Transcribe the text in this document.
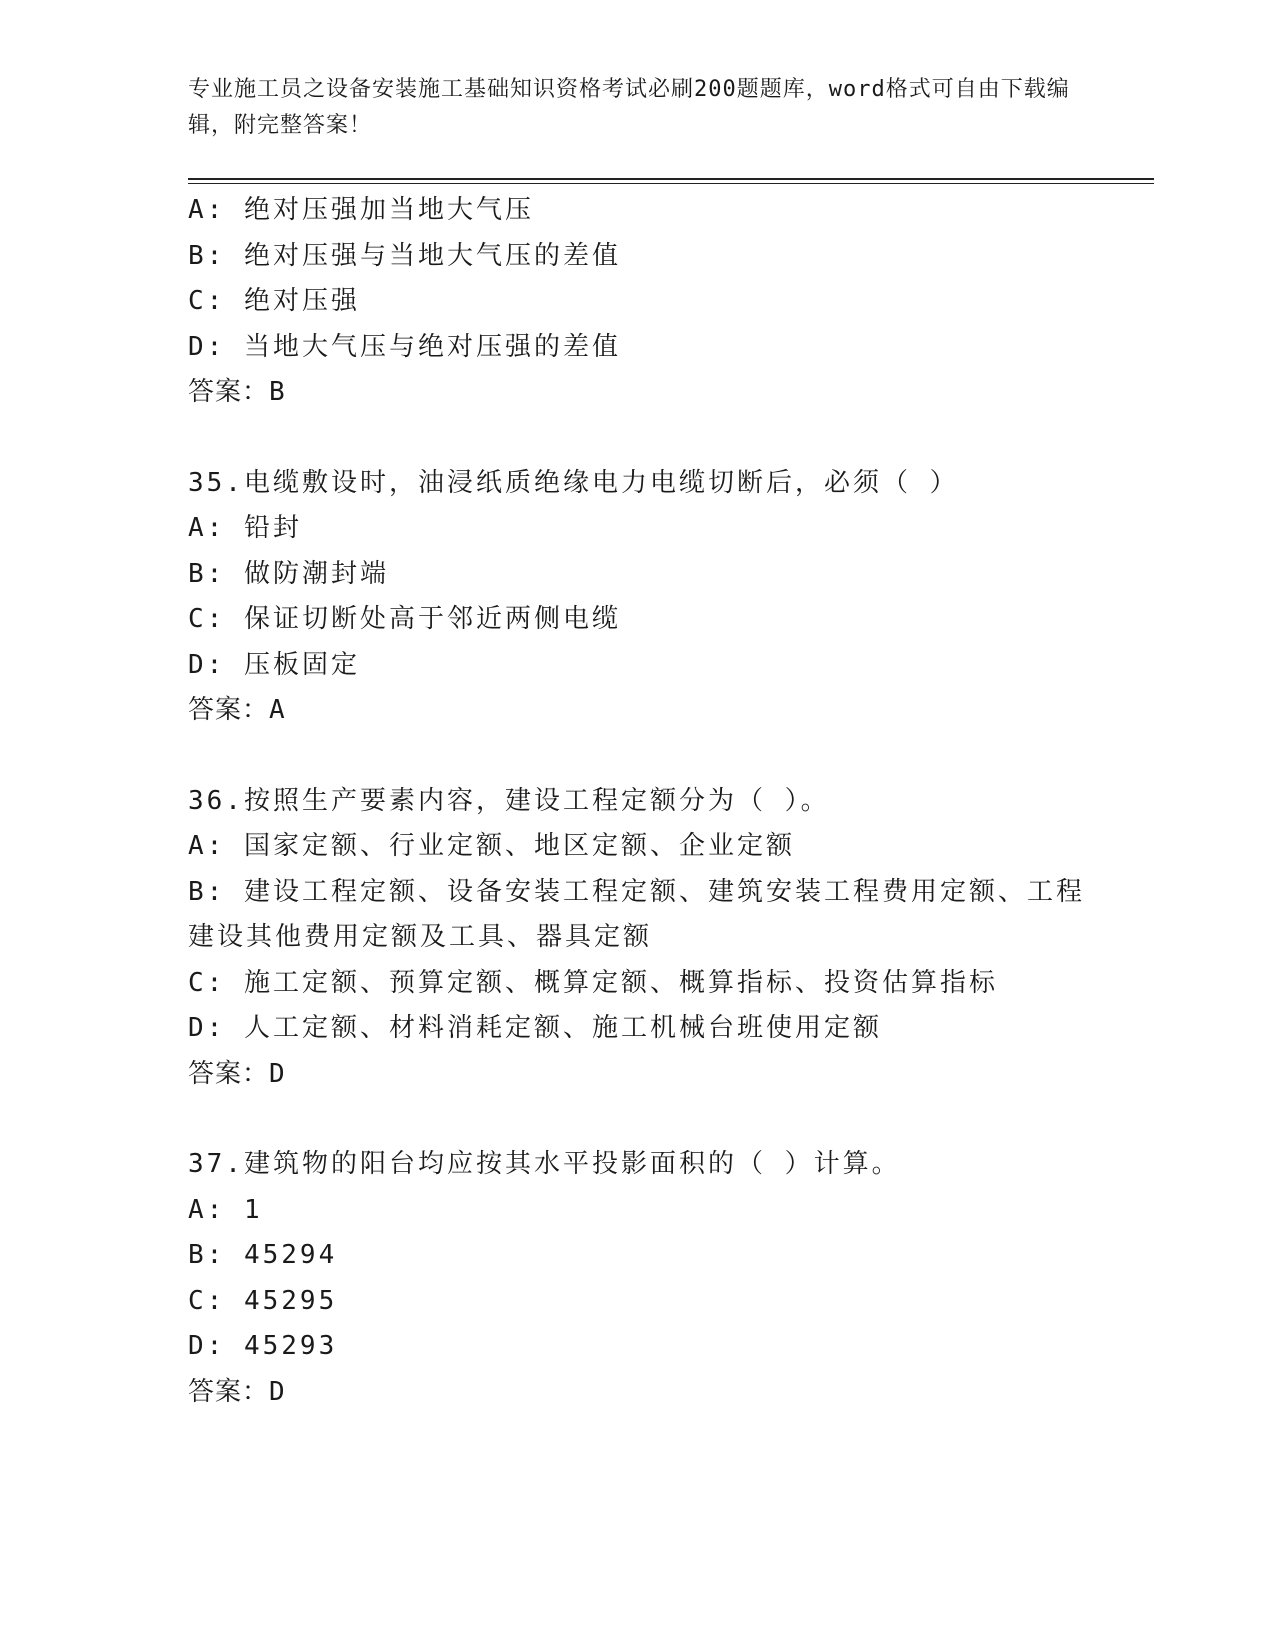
专业施工员之设备安装施工基础知识资格考试必刷200题题库，word格式可自由下载编辑，附完整答案！
A: 绝对压强加当地大气压
B: 绝对压强与当地大气压的差值
C: 绝对压强
D: 当地大气压与绝对压强的差值
答案：B
35.电缆敷设时，油浸纸质绝缘电力电缆切断后，必须（ ）
A: 铅封
B: 做防潮封端
C: 保证切断处高于邻近两侧电缆
D: 压板固定
答案：A
36.按照生产要素内容，建设工程定额分为（ ）。
A: 国家定额、行业定额、地区定额、企业定额
B: 建设工程定额、设备安装工程定额、建筑安装工程费用定额、工程建设其他费用定额及工具、器具定额
C: 施工定额、预算定额、概算定额、概算指标、投资估算指标
D: 人工定额、材料消耗定额、施工机械台班使用定额
答案：D
37.建筑物的阳台均应按其水平投影面积的（ ）计算。
A: 1
B: 45294
C: 45295
D: 45293
答案：D
